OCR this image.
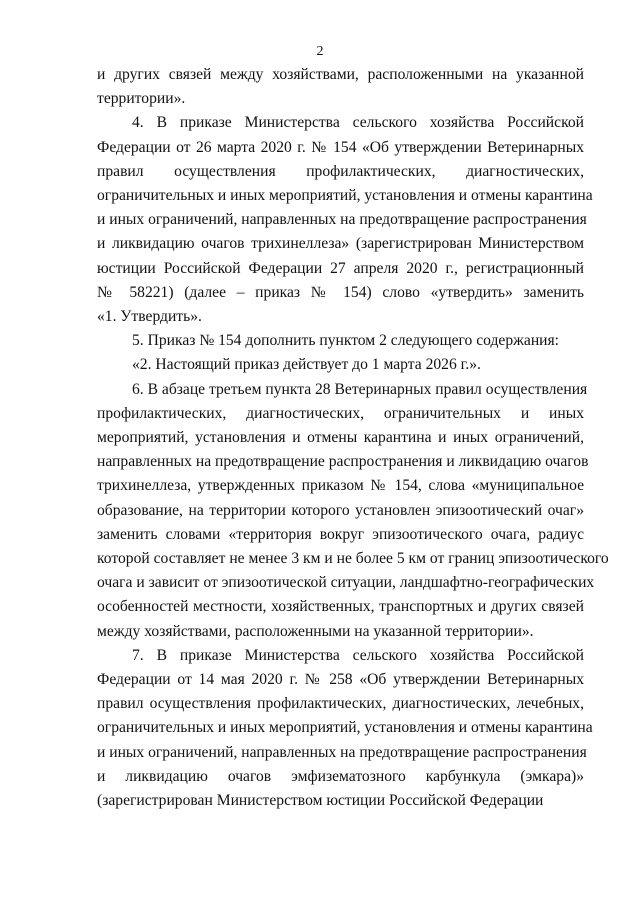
2
и других связей между хозяйствами, расположенными на указанной
территории».
4. В приказе Министерства сельского хозяйства Российской
Федерации от 26 марта 2020 г. № 154 «Об утверждении Ветеринарных
правил осуществления профилактических, диагностических,
ограничительных и иных мероприятий, установления и отмены карантина
и иных ограничений, направленных на предотвращение распространения
и ликвидацию очагов трихинеллеза» (зарегистрирован Министерством
юстиции Российской Федерации 27 апреля 2020 г., регистрационный
№ 58221) (далее – приказ № 154) слово «утвердить» заменить
«1. Утвердить».
5. Приказ № 154 дополнить пунктом 2 следующего содержания:
«2. Настоящий приказ действует до 1 марта 2026 г.».
6. В абзаце третьем пункта 28 Ветеринарных правил осуществления
профилактических, диагностических, ограничительных и иных
мероприятий, установления и отмены карантина и иных ограничений,
направленных на предотвращение распространения и ликвидацию очагов
трихинеллеза, утвержденных приказом № 154, слова «муниципальное
образование, на территории которого установлен эпизоотический очаг»
заменить словами «территория вокруг эпизоотического очага, радиус
которой составляет не менее 3 км и не более 5 км от границ эпизоотического
очага и зависит от эпизоотической ситуации, ландшафтно-географических
особенностей местности, хозяйственных, транспортных и других связей
между хозяйствами, расположенными на указанной территории».
7. В приказе Министерства сельского хозяйства Российской
Федерации от 14 мая 2020 г. № 258 «Об утверждении Ветеринарных
правил осуществления профилактических, диагностических, лечебных,
ограничительных и иных мероприятий, установления и отмены карантина
и иных ограничений, направленных на предотвращение распространения
и ликвидацию очагов эмфизематозного карбункула (эмкара)»
(зарегистрирован Министерством юстиции Российской Федерации
